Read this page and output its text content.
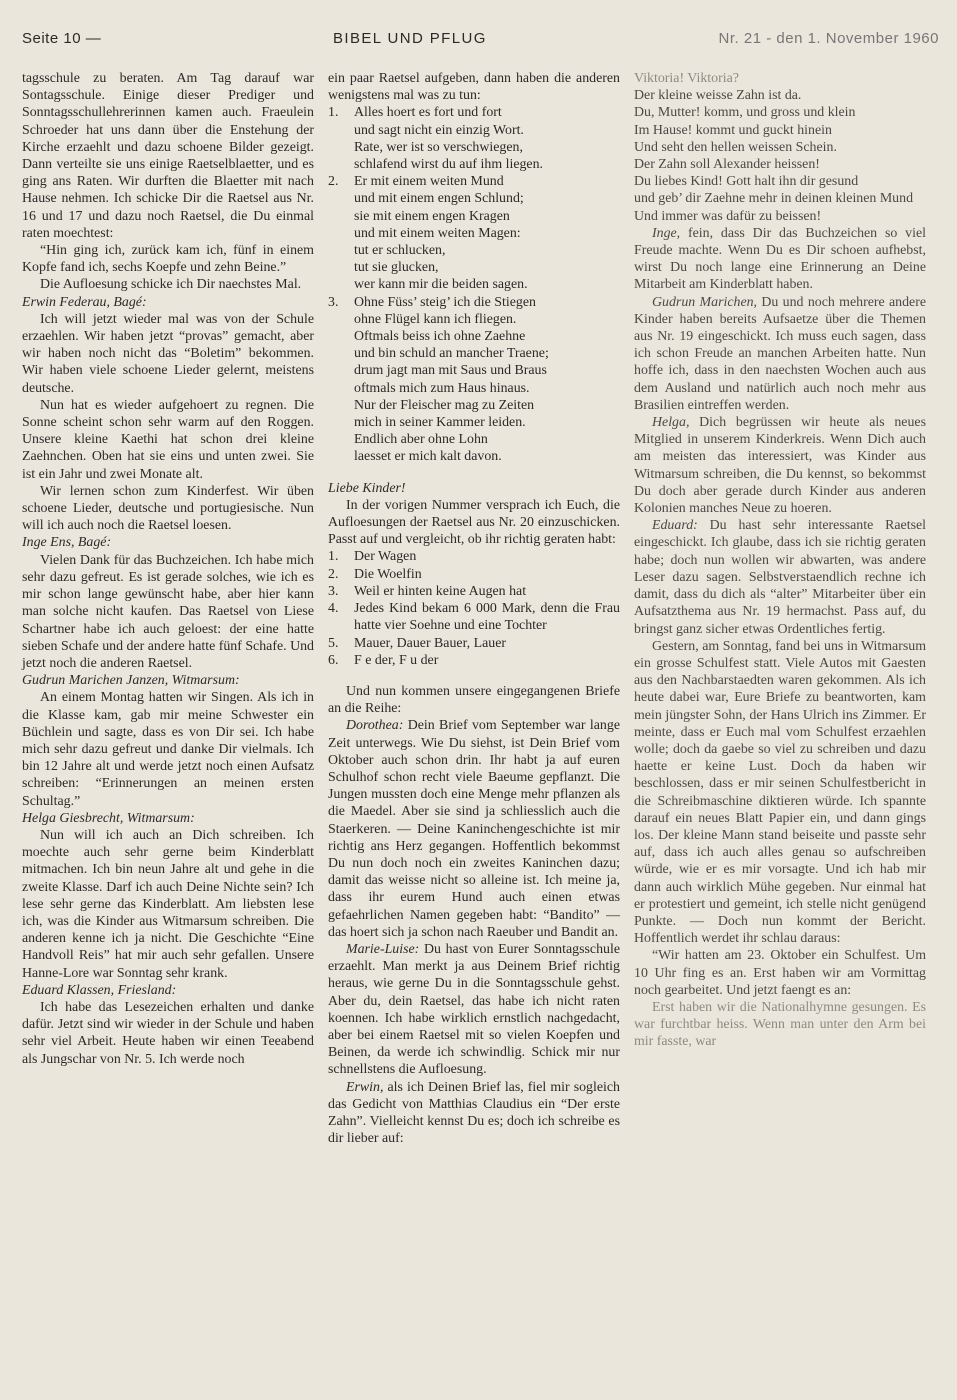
Seite 10 —	BIBEL UND PFLUG	Nr. 21 - den 1. November 1960

tagsschule zu beraten. Am Tag darauf war Sontagsschule. Einige dieser Prediger und Sonntagsschullehrerinnen kamen auch. Fraeulein Schroeder hat uns dann über die Enstehung der Kirche erzaehlt und dazu schoene Bilder gezeigt. Dann verteilte sie uns einige Raetselblaetter, und es ging ans Raten. Wir durften die Blaetter mit nach Hause nehmen. Ich schicke Dir die Raetsel aus Nr. 16 und 17 und dazu noch Raetsel, die Du einmal raten moechtest:

“Hin ging ich, zurück kam ich, fünf in einem Kopfe fand ich, sechs Koepfe und zehn Beine.”

Die Aufloesung schicke ich Dir naechstes Mal.

Erwin Federau, Bagé:

Ich will jetzt wieder mal was von der Schule erzaehlen. Wir haben jetzt “provas” gemacht, aber wir haben noch nicht das “Boletim” bekommen. Wir haben viele schoene Lieder gelernt, meistens deutsche.

Nun hat es wieder aufgehoert zu regnen. Die Sonne scheint schon sehr warm auf den Roggen. Unsere kleine Kaethi hat schon drei kleine Zaehnchen. Oben hat sie eins und unten zwei. Sie ist ein Jahr und zwei Monate alt.

Wir lernen schon zum Kinderfest. Wir üben schoene Lieder, deutsche und portugiesische. Nun will ich auch noch die Raetsel loesen.

Inge Ens, Bagé:

Vielen Dank für das Buchzeichen. Ich habe mich sehr dazu gefreut. Es ist gerade solches, wie ich es mir schon lange gewünscht habe, aber hier kann man solche nicht kaufen. Das Raetsel von Liese Schartner habe ich auch geloest: der eine hatte sieben Schafe und der andere hatte fünf Schafe. Und jetzt noch die anderen Raetsel.

Gudrun Marichen Janzen, Witmarsum:

An einem Montag hatten wir Singen. Als ich in die Klasse kam, gab mir meine Schwester ein Büchlein und sagte, dass es von Dir sei. Ich habe mich sehr dazu gefreut und danke Dir vielmals. Ich bin 12 Jahre alt und werde jetzt noch einen Aufsatz schreiben: “Erinnerungen an meinen ersten Schultag.”

Helga Giesbrecht, Witmarsum:

Nun will ich auch an Dich schreiben. Ich moechte auch sehr gerne beim Kinderblatt mitmachen. Ich bin neun Jahre alt und gehe in die zweite Klasse. Darf ich auch Deine Nichte sein? Ich lese sehr gerne das Kinderblatt. Am liebsten lese ich, was die Kinder aus Witmarsum schreiben. Die anderen kenne ich ja nicht. Die Geschichte “Eine Handvoll Reis” hat mir auch sehr gefallen. Unsere Hanne-Lore war Sonntag sehr krank.

Eduard Klassen, Friesland:

Ich habe das Lesezeichen erhalten und danke dafür. Jetzt sind wir wieder in der Schule und haben sehr viel Arbeit. Heute haben wir einen Teeabend als Jungschar von Nr. 5. Ich werde noch

ein paar Raetsel aufgeben, dann haben die anderen wenigstens mal was zu tun:

1.	Alles hoert es fort und fort
und sagt nicht ein einzig Wort.
Rate, wer ist so verschwiegen,
schlafend wirst du auf ihm liegen.
2.	Er mit einem weiten Mund
und mit einem engen Schlund;
sie mit einem engen Kragen
und mit einem weiten Magen:
tut er schlucken,
tut sie glucken,
wer kann mir die beiden sagen.
3.	Ohne Füss’ steig’ ich die Stiegen
ohne Flügel kann ich fliegen.
Oftmals beiss ich ohne Zaehne
und bin schuld an mancher Traene;
drum jagt man mit Saus und Braus
oftmals mich zum Haus hinaus.
Nur der Fleischer mag zu Zeiten
mich in seiner Kammer leiden.
Endlich aber ohne Lohn
laesset er mich kalt davon.

Liebe Kinder!

In der vorigen Nummer versprach ich Euch, die Aufloesungen der Raetsel aus Nr. 20 einzuschicken. Passt auf und vergleicht, ob ihr richtig geraten habt:

1.	Der Wagen
2.	Die Woelfin
3.	Weil er hinten keine Augen hat
4.	Jedes Kind bekam 6 000 Mark, denn die Frau hatte vier Soehne und eine Tochter
5.	Mauer, Dauer Bauer, Lauer
6.	F e der, F u der

Und nun kommen unsere eingegangenen Briefe an die Reihe:

Dorothea: Dein Brief vom September war lange Zeit unterwegs. Wie Du siehst, ist Dein Brief vom Oktober auch schon drin. Ihr habt ja auf euren Schulhof schon recht viele Baeume gepflanzt. Die Jungen mussten doch eine Menge mehr pflanzen als die Maedel. Aber sie sind ja schliesslich auch die Staerkeren. — Deine Kaninchengeschichte ist mir richtig ans Herz gegangen. Hoffentlich bekommst Du nun doch noch ein zweites Kaninchen dazu; damit das weisse nicht so alleine ist. Ich meine ja, dass ihr eurem Hund auch einen etwas gefaehrlichen Namen gegeben habt: “Bandito” — das hoert sich ja schon nach Raeuber und Bandit an.

Marie-Luise: Du hast von Eurer Sonntagsschule erzaehlt. Man merkt ja aus Deinem Brief richtig heraus, wie gerne Du in die Sonntagsschule gehst. Aber du, dein Raetsel, das habe ich nicht raten koennen. Ich habe wirklich ernstlich nachgedacht, aber bei einem Raetsel mit so vielen Koepfen und Beinen, da werde ich schwindlig. Schick mir nur schnellstens die Aufloesung.

Erwin, als ich Deinen Brief las, fiel mir sogleich das Gedicht von Matthias Claudius ein “Der erste Zahn”. Vielleicht kennst Du es; doch ich schreibe es dir lieber auf:

Viktoria! Viktoria?
Der kleine weisse Zahn ist da.
Du, Mutter! komm, und gross und klein
Im Hause! kommt und guckt hinein
Und seht den hellen weissen Schein.
Der Zahn soll Alexander heissen!
Du liebes Kind! Gott halt ihn dir gesund
und geb’ dir Zaehne mehr in deinen kleinen Mund
Und immer was dafür zu beissen!

Inge, fein, dass Dir das Buchzeichen so viel Freude machte. Wenn Du es Dir schoen aufhebst, wirst Du noch lange eine Erinnerung an Deine Mitarbeit am Kinderblatt haben.

Gudrun Marichen, Du und noch mehrere andere Kinder haben bereits Aufsaetze über die Themen aus Nr. 19 eingeschickt. Ich muss euch sagen, dass ich schon Freude an manchen Arbeiten hatte. Nun hoffe ich, dass in den naechsten Wochen auch aus dem Ausland und natürlich auch noch mehr aus Brasilien eintreffen werden.

Helga, Dich begrüssen wir heute als neues Mitglied in unserem Kinderkreis. Wenn Dich auch am meisten das interessiert, was Kinder aus Witmarsum schreiben, die Du kennst, so bekommst Du doch aber gerade durch Kinder aus anderen Kolonien manches Neue zu hoeren.

Eduard: Du hast sehr interessante Raetsel eingeschickt. Ich glaube, dass ich sie richtig geraten habe; doch nun wollen wir abwarten, was andere Leser dazu sagen. Selbstverstaendlich rechne ich damit, dass du dich als “alter” Mitarbeiter über ein Aufsatzthema aus Nr. 19 hermachst. Pass auf, du bringst ganz sicher etwas Ordentliches fertig.

Gestern, am Sonntag, fand bei uns in Witmarsum ein grosse Schulfest statt. Viele Autos mit Gaesten aus den Nachbarstaedten waren gekommen. Als ich heute dabei war, Eure Briefe zu beantworten, kam mein jüngster Sohn, der Hans Ulrich ins Zimmer. Er meinte, dass er Euch mal vom Schulfest erzaehlen wolle; doch da gaebe so viel zu schreiben und dazu haette er keine Lust. Doch da haben wir beschlossen, dass er mir seinen Schulfestbericht in die Schreibmaschine diktieren würde. Ich spannte darauf ein neues Blatt Papier ein, und dann gings los. Der kleine Mann stand beiseite und passte sehr auf, dass ich auch alles genau so aufschreiben würde, wie er es mir vorsagte. Und ich hab mir dann auch wirklich Mühe gegeben. Nur einmal hat er protestiert und gemeint, ich stelle nicht genügend Punkte. — Doch nun kommt der Bericht. Hoffentlich werdet ihr schlau daraus:

“Wir hatten am 23. Oktober ein Schulfest. Um 10 Uhr fing es an. Erst haben wir am Vormittag noch gearbeitet. Und jetzt faengt es an:

Erst haben wir die Nationalhymne gesungen. Es war furchtbar heiss. Wenn man unter den Arm bei mir fasste, war
